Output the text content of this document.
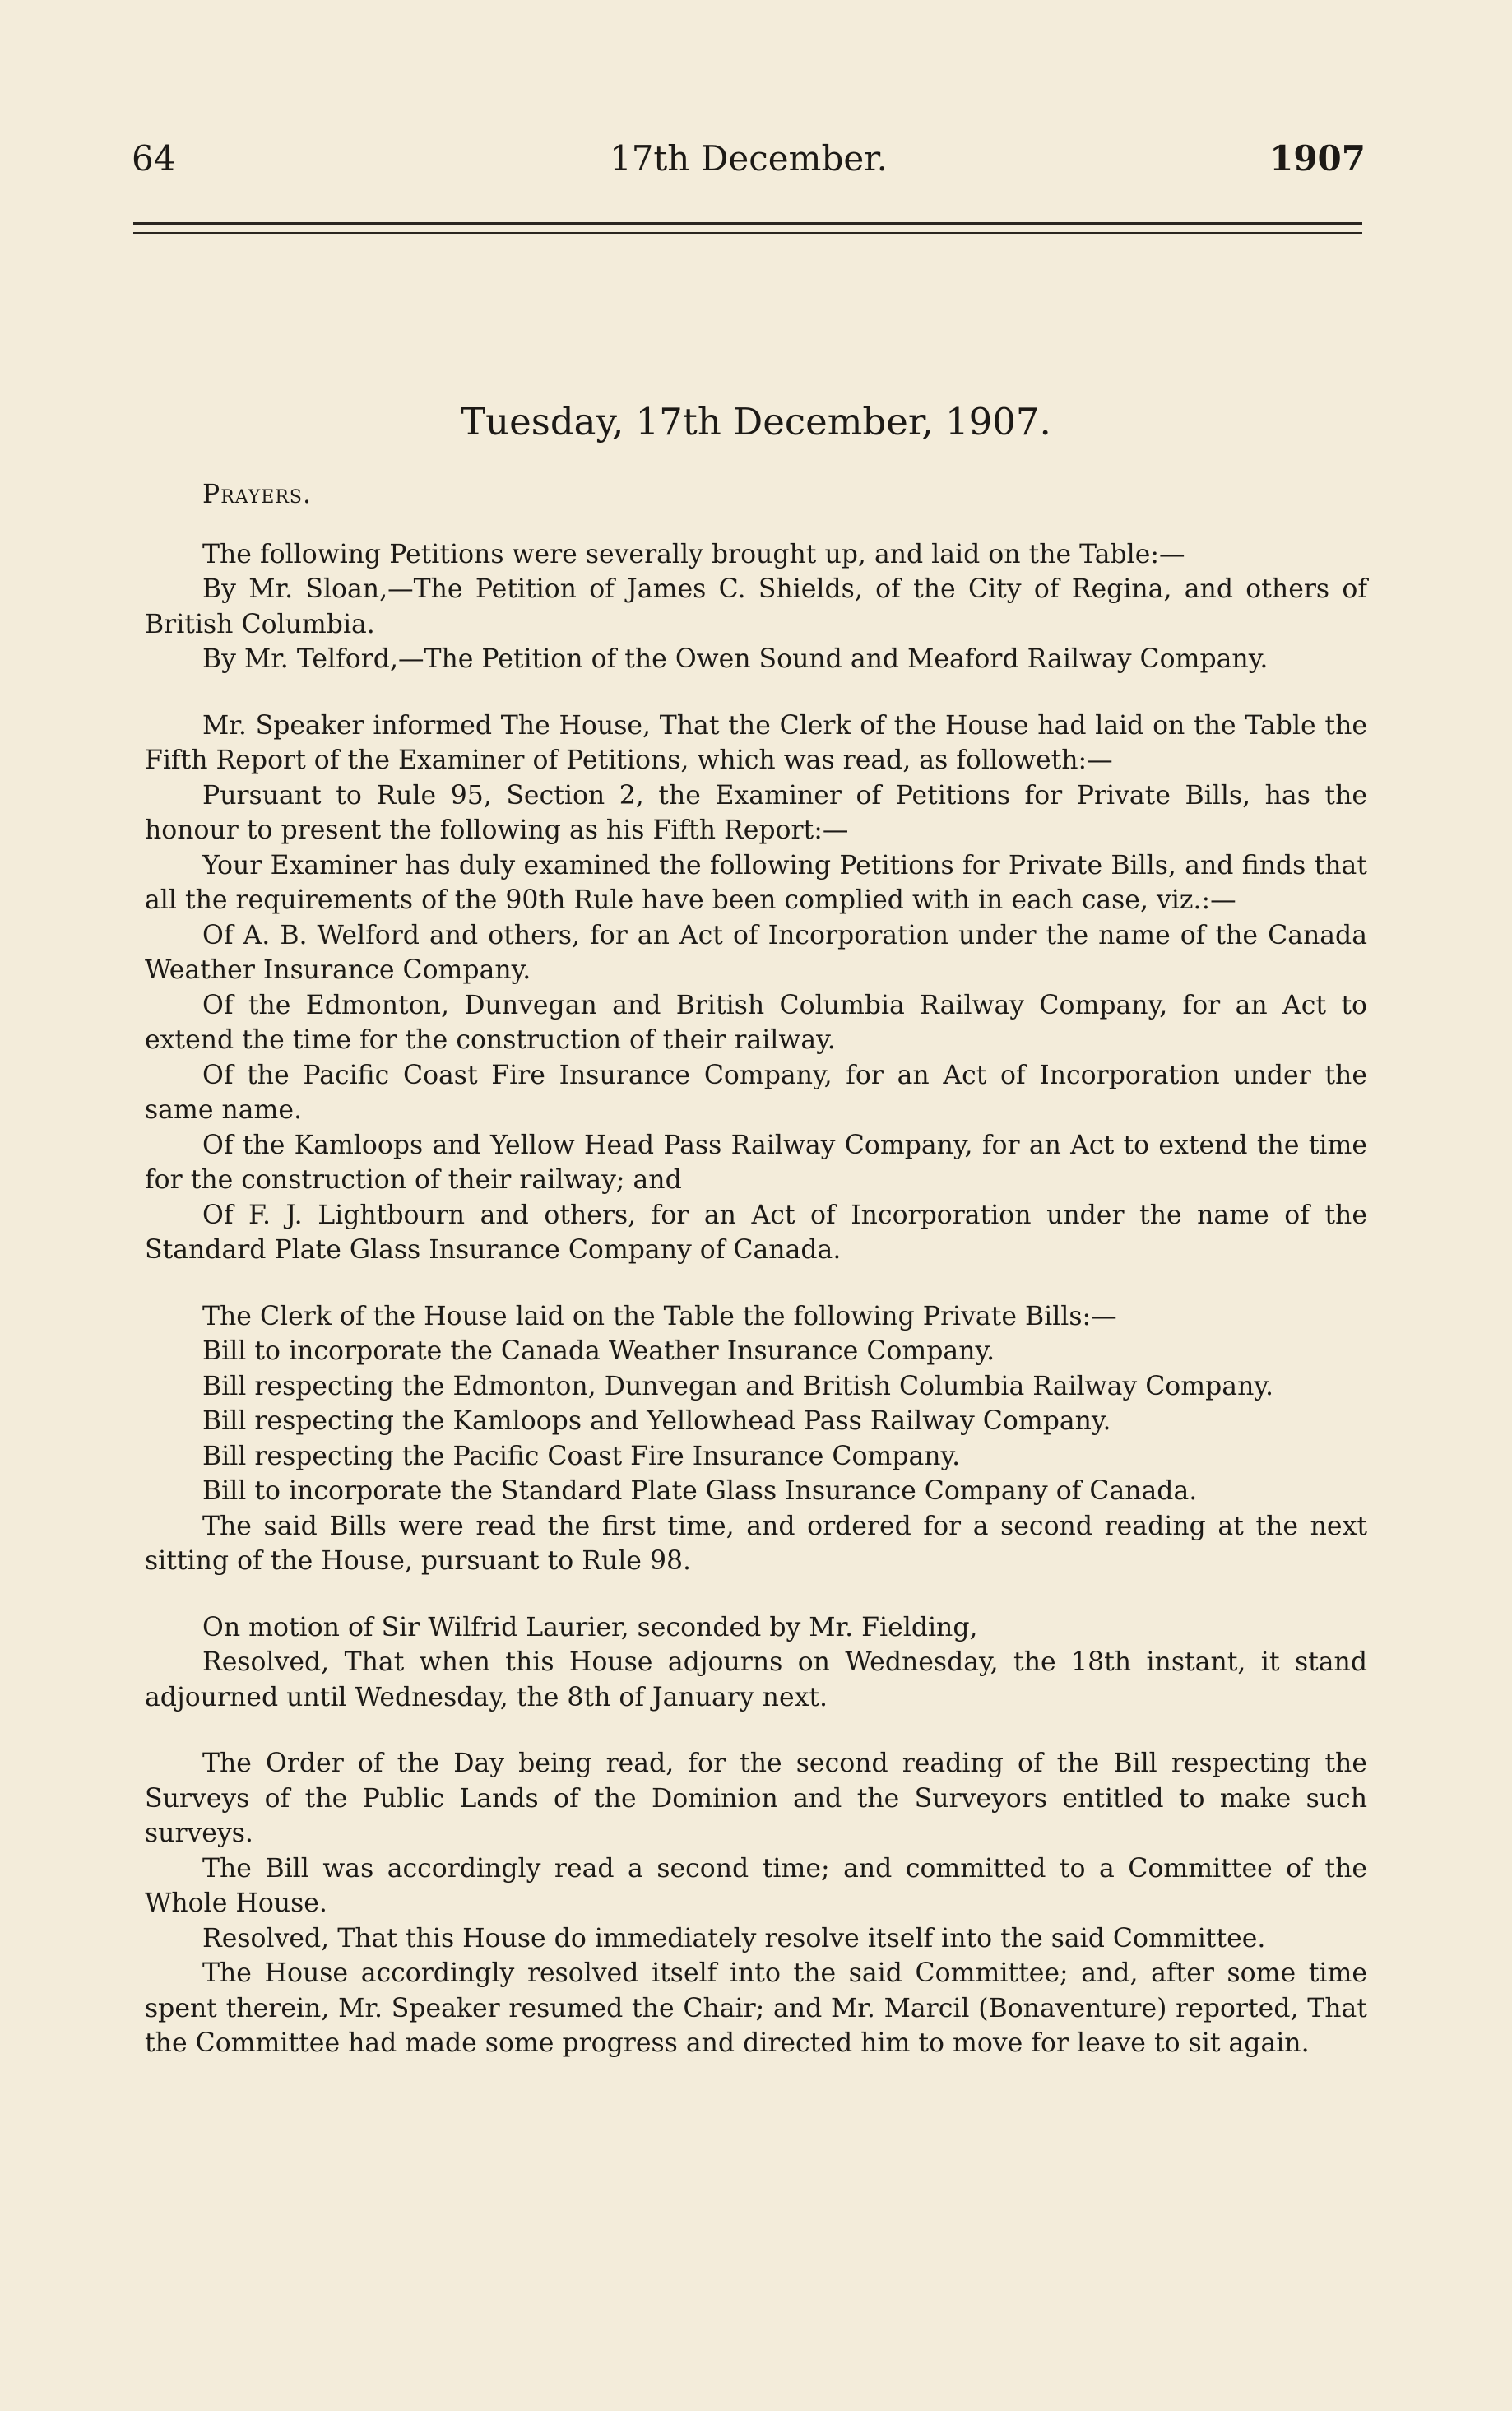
64	17th December.	1907
Tuesday, 17th December, 1907.

Prayers.

The following Petitions were severally brought up, and laid on the Table:—

By Mr. Sloan,—The Petition of James C. Shields, of the City of Regina, and others of British Columbia.

By Mr. Telford,—The Petition of the Owen Sound and Meaford Railway Company.

Mr. Speaker informed The House, That the Clerk of the House had laid on the Table the Fifth Report of the Examiner of Petitions, which was read, as followeth:—

Pursuant to Rule 95, Section 2, the Examiner of Petitions for Private Bills, has the honour to present the following as his Fifth Report:—

Your Examiner has duly examined the following Petitions for Private Bills, and finds that all the requirements of the 90th Rule have been complied with in each case, viz.:—

Of A. B. Welford and others, for an Act of Incorporation under the name of the Canada Weather Insurance Company.

Of the Edmonton, Dunvegan and British Columbia Railway Company, for an Act to extend the time for the construction of their railway.

Of the Pacific Coast Fire Insurance Company, for an Act of Incorporation under the same name.

Of the Kamloops and Yellow Head Pass Railway Company, for an Act to extend the time for the construction of their railway; and

Of F. J. Lightbourn and others, for an Act of Incorporation under the name of the Standard Plate Glass Insurance Company of Canada.

The Clerk of the House laid on the Table the following Private Bills:—

Bill to incorporate the Canada Weather Insurance Company.

Bill respecting the Edmonton, Dunvegan and British Columbia Railway Company.

Bill respecting the Kamloops and Yellowhead Pass Railway Company.

Bill respecting the Pacific Coast Fire Insurance Company.

Bill to incorporate the Standard Plate Glass Insurance Company of Canada.

The said Bills were read the first time, and ordered for a second reading at the next sitting of the House, pursuant to Rule 98.

On motion of Sir Wilfrid Laurier, seconded by Mr. Fielding,

Resolved, That when this House adjourns on Wednesday, the 18th instant, it stand adjourned until Wednesday, the 8th of January next.

The Order of the Day being read, for the second reading of the Bill respecting the Surveys of the Public Lands of the Dominion and the Surveyors entitled to make such surveys.

The Bill was accordingly read a second time; and committed to a Committee of the Whole House.

Resolved, That this House do immediately resolve itself into the said Committee.

The House accordingly resolved itself into the said Committee; and, after some time spent therein, Mr. Speaker resumed the Chair; and Mr. Marcil (Bonaventure) reported, That the Committee had made some progress and directed him to move for leave to sit again.
